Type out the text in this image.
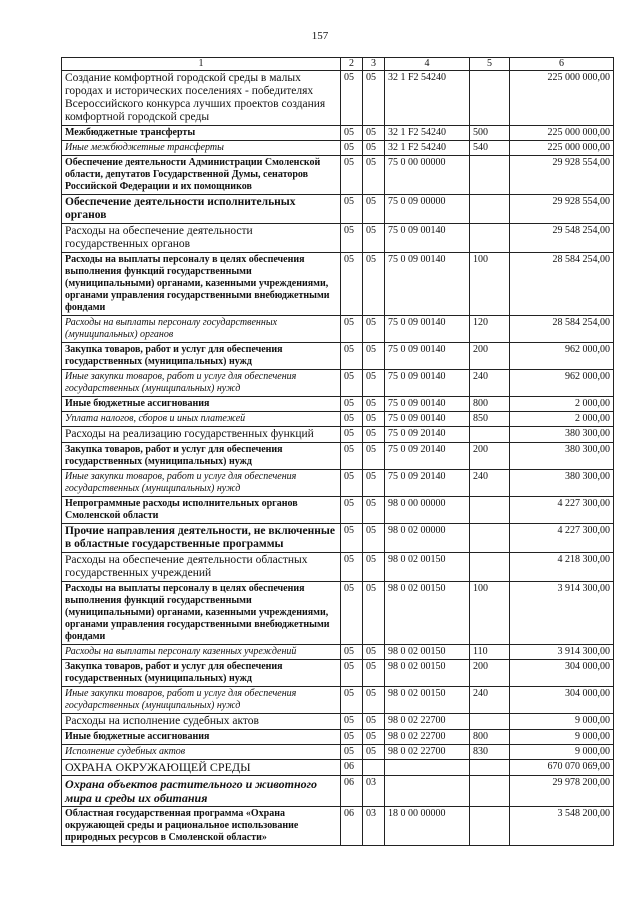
157
1	2	3	4	5	6
Создание комфортной городской среды в малых городах и исторических поселениях - победителях Всероссийского конкурса лучших проектов создания комфортной городской среды	05	05	32 1 F2 54240		225 000 000,00
Межбюджетные трансферты	05	05	32 1 F2 54240	500	225 000 000,00
Иные межбюджетные трансферты	05	05	32 1 F2 54240	540	225 000 000,00
Обеспечение деятельности Администрации Смоленской области, депутатов Государственной Думы, сенаторов Российской Федерации и их помощников	05	05	75 0 00 00000		29 928 554,00
Обеспечение деятельности исполнительных органов	05	05	75 0 09 00000		29 928 554,00
Расходы на обеспечение деятельности государственных органов	05	05	75 0 09 00140		29 548 254,00
Расходы на выплаты персоналу в целях обеспечения выполнения функций государственными (муниципальными) органами, казенными учреждениями, органами управления государственными внебюджетными фондами	05	05	75 0 09 00140	100	28 584 254,00
Расходы на выплаты персоналу государственных (муниципальных) органов	05	05	75 0 09 00140	120	28 584 254,00
Закупка товаров, работ и услуг для обеспечения государственных (муниципальных) нужд	05	05	75 0 09 00140	200	962 000,00
Иные закупки товаров, работ и услуг для обеспечения государственных (муниципальных) нужд	05	05	75 0 09 00140	240	962 000,00
Иные бюджетные ассигнования	05	05	75 0 09 00140	800	2 000,00
Уплата налогов, сборов и иных платежей	05	05	75 0 09 00140	850	2 000,00
Расходы на реализацию государственных функций	05	05	75 0 09 20140		380 300,00
Закупка товаров, работ и услуг для обеспечения государственных (муниципальных) нужд	05	05	75 0 09 20140	200	380 300,00
Иные закупки товаров, работ и услуг для обеспечения государственных (муниципальных) нужд	05	05	75 0 09 20140	240	380 300,00
Непрограммные расходы исполнительных органов Смоленской области	05	05	98 0 00 00000		4 227 300,00
Прочие направления деятельности, не включенные в областные государственные программы	05	05	98 0 02 00000		4 227 300,00
Расходы на обеспечение деятельности областных государственных учреждений	05	05	98 0 02 00150		4 218 300,00
Расходы на выплаты персоналу в целях обеспечения выполнения функций государственными (муниципальными) органами, казенными учреждениями, органами управления государственными внебюджетными фондами	05	05	98 0 02 00150	100	3 914 300,00
Расходы на выплаты персоналу казенных учреждений	05	05	98 0 02 00150	110	3 914 300,00
Закупка товаров, работ и услуг для обеспечения государственных (муниципальных) нужд	05	05	98 0 02 00150	200	304 000,00
Иные закупки товаров, работ и услуг для обеспечения государственных (муниципальных) нужд	05	05	98 0 02 00150	240	304 000,00
Расходы на исполнение судебных актов	05	05	98 0 02 22700		9 000,00
Иные бюджетные ассигнования	05	05	98 0 02 22700	800	9 000,00
Исполнение судебных актов	05	05	98 0 02 22700	830	9 000,00
ОХРАНА ОКРУЖАЮЩЕЙ СРЕДЫ	06				670 070 069,00
Охрана объектов растительного и животного мира и среды их обитания	06	03			29 978 200,00
Областная государственная программа «Охрана окружающей среды и рациональное использование природных ресурсов в Смоленской области»	06	03	18 0 00 00000		3 548 200,00
